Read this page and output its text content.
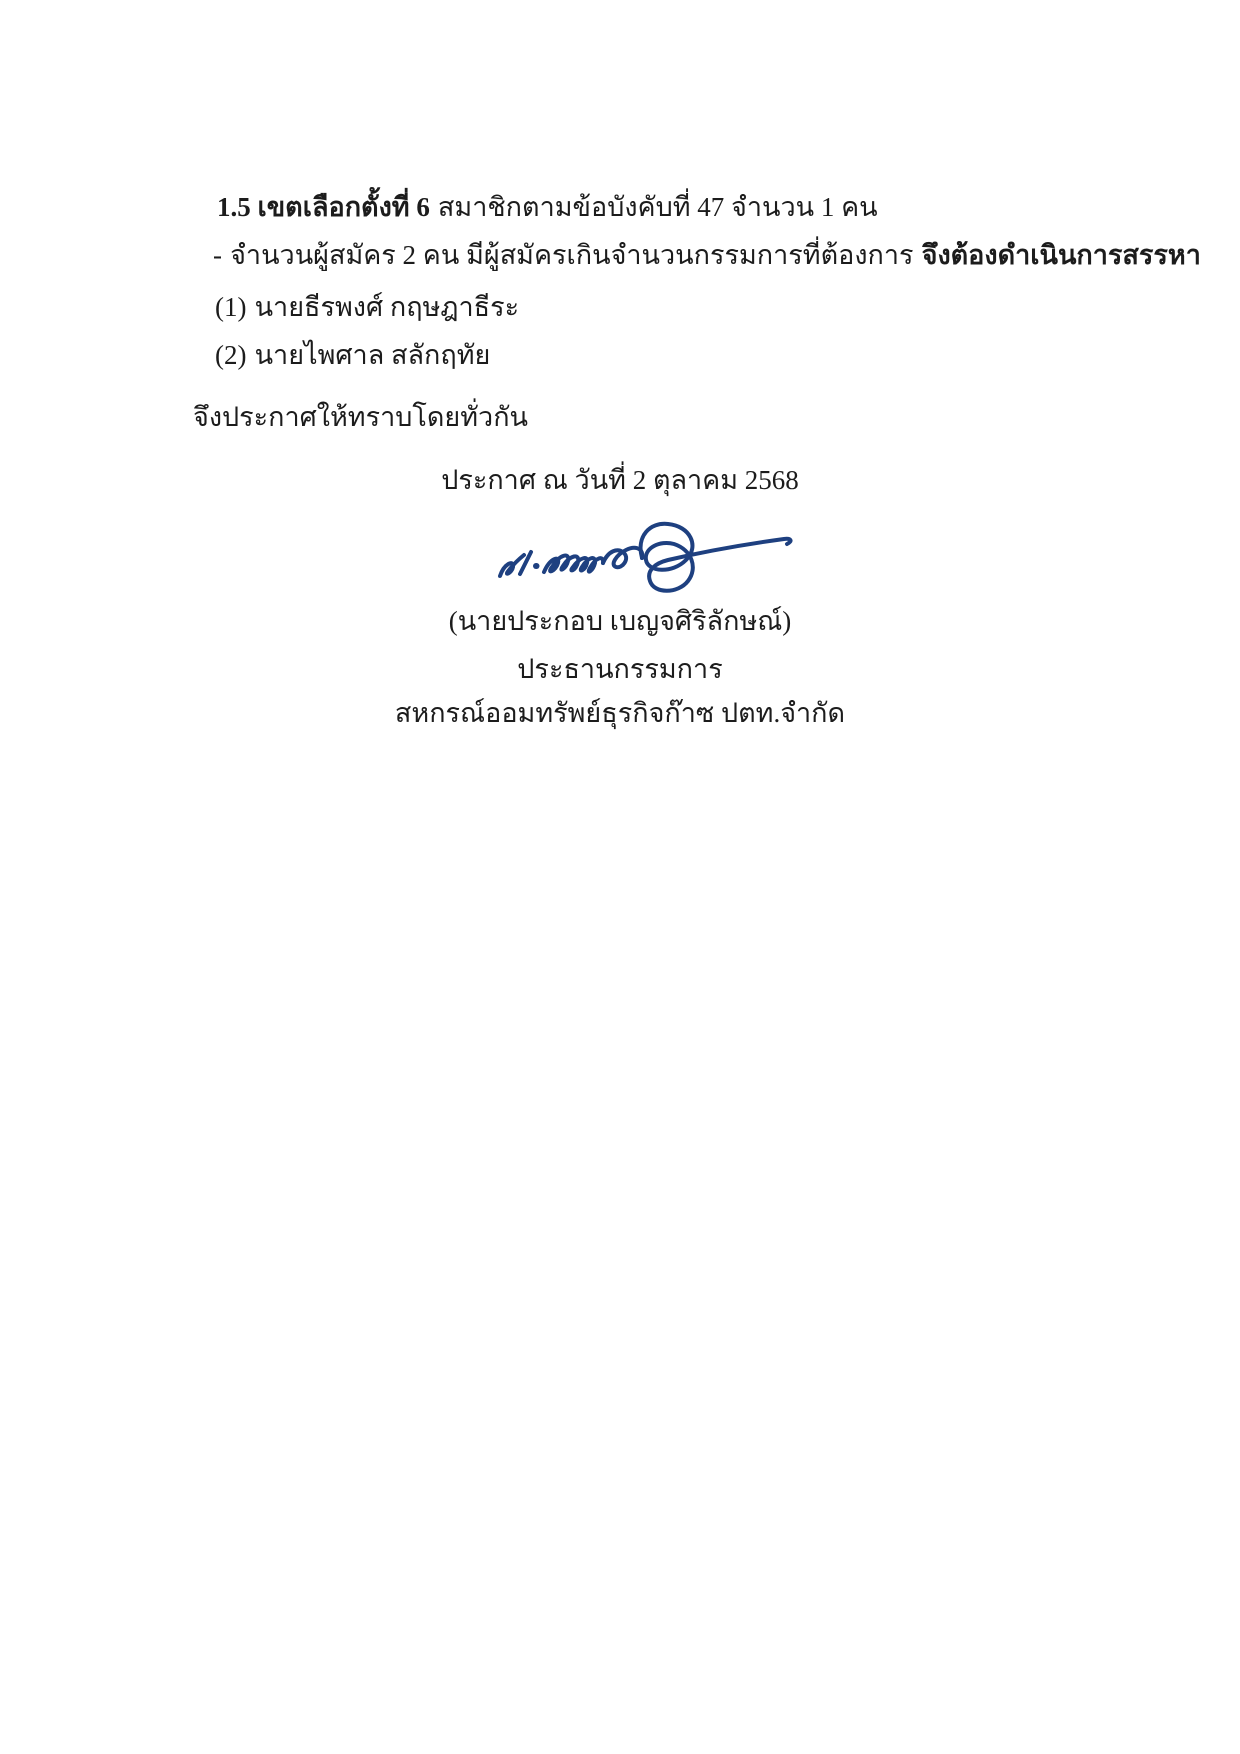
1.5 เขตเลือกตั้งที่ 6 สมาชิกตามข้อบังคับที่ 47 จำนวน 1 คน

- จำนวนผู้สมัคร 2 คน มีผู้สมัครเกินจำนวนกรรมการที่ต้องการ จึงต้องดำเนินการสรรหา

(1) นายธีรพงศ์ กฤษฎาธีระ

(2) นายไพศาล สลักฤทัย

จึงประกาศให้ทราบโดยทั่วกัน

ประกาศ ณ วันที่ 2 ตุลาคม 2568

(นายประกอบ เบญจศิริลักษณ์)

ประธานกรรมการ

สหกรณ์ออมทรัพย์ธุรกิจก๊าซ ปตท.จำกัด
